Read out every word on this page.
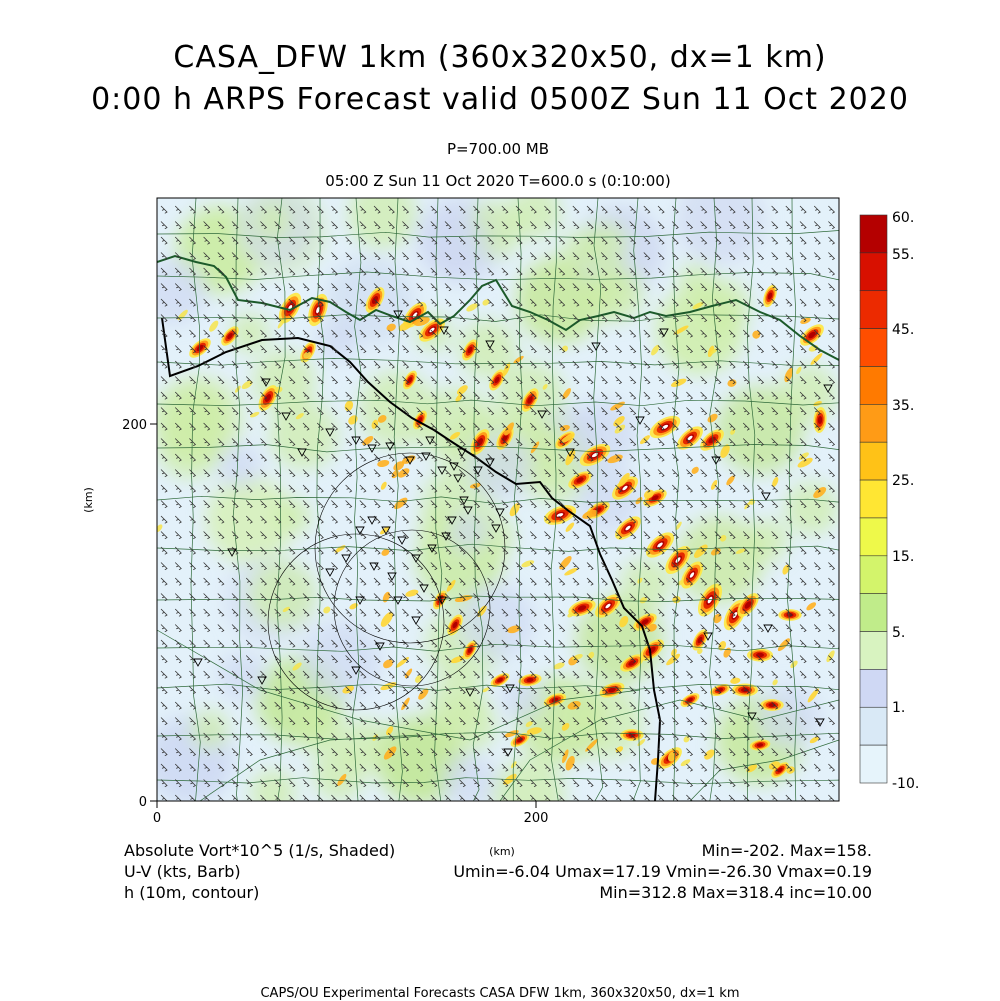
CASA_DFW 1km (360x320x50, dx=1 km)
0:00 h ARPS Forecast valid 0500Z Sun 11 Oct 2020
P=700.00 MB
05:00 Z Sun 11 Oct 2020 T=600.0 s (0:10:00)
0	200
0
200
(km)
(km)
60.
55.
45.
35.
25.
15.
5.
1.
-10.
Absolute Vort*10^5 (1/s, Shaded)
U-V (kts, Barb)
h (10m, contour)
Min=-202. Max=158.
Umin=-6.04 Umax=17.19 Vmin=-26.30 Vmax=0.19
Min=312.8 Max=318.4 inc=10.00
CAPS/OU Experimental Forecasts CASA DFW 1km, 360x320x50, dx=1 km
